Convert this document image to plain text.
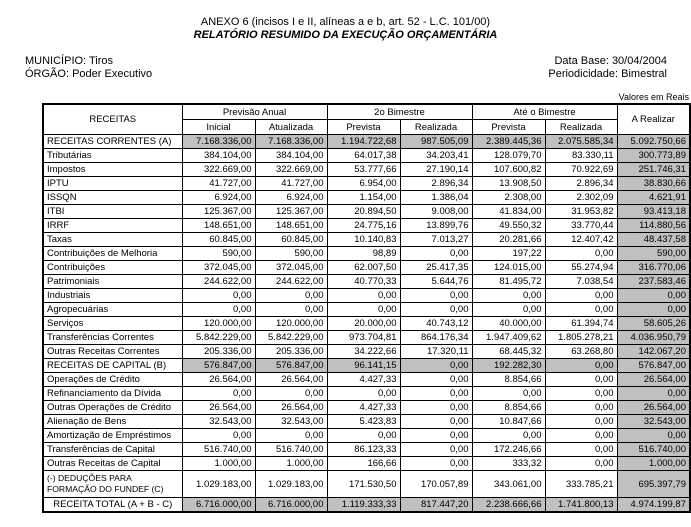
ANEXO 6 (incisos I e II, alíneas a e b, art. 52 - L.C. 101/00)
RELATÓRIO RESUMIDO DA EXECUÇÃO ORÇAMENTÁRIA
MUNICÍPIO: Tiros
ÓRGÃO: Poder Executivo
Data Base: 30/04/2004
Periodicidade: Bimestral
Valores em Reais
RECEITAS	Previsão Anual		2o Bimestre		Até o Bimestre		A Realizar
	Inicial	Atualizada	Prevista	Realizada	Prevista	Realizada	
RECEITAS CORRENTES (A)	7.168.336,00	7.168.336,00	1.194.722,68	987.505,09	2.389.445,36	2.075.585,34	5.092.750,66
Tributárias	384.104,00	384.104,00	64.017,38	34.203,41	128.079,70	83.330,11	300.773,89
Impostos	322.669,00	322.669,00	53.777,66	27.190,14	107.600,82	70.922,69	251.746,31
IPTU	41.727,00	41.727,00	6.954,00	2.896,34	13.908,50	2.896,34	38.830,66
ISSQN	6.924,00	6.924,00	1.154,00	1.386,04	2.308,00	2.302,09	4.621,91
ITBI	125.367,00	125.367,00	20.894,50	9.008,00	41.834,00	31.953,82	93.413,18
IRRF	148.651,00	148.651,00	24.775,16	13.899,76	49.550,32	33.770,44	114.880,56
Taxas	60.845,00	60.845,00	10.140,83	7.013,27	20.281,66	12.407,42	48.437,58
Contribuições de Melhoria	590,00	590,00	98,89	0,00	197,22	0,00	590,00
Contribuições	372.045,00	372.045,00	62.007,50	25.417,35	124.015,00	55.274,94	316.770,06
Patrimoniais	244.622,00	244.622,00	40.770,33	5.644,76	81.495,72	7.038,54	237.583,46
Industriais	0,00	0,00	0,00	0,00	0,00	0,00	0,00
Agropecuárias	0,00	0,00	0,00	0,00	0,00	0,00	0,00
Serviços	120.000,00	120.000,00	20.000,00	40.743,12	40.000,00	61.394,74	58.605,26
Transferências Correntes	5.842.229,00	5.842.229,00	973.704,81	864.176,34	1.947.409,62	1.805.278,21	4.036.950,79
Outras Receitas Correntes	205.336,00	205.336,00	34.222,66	17.320,11	68.445,32	63.268,80	142.067,20
RECEITAS DE CAPITAL (B)	576.847,00	576.847,00	96.141,15	0,00	192.282,30	0,00	576.847,00
Operações de Crédito	26.564,00	26.564,00	4.427,33	0,00	8.854,66	0,00	26.564,00
Refinanciamento da Dívida	0,00	0,00	0,00	0,00	0,00	0,00	0,00
Outras Operações de Crédito	26.564,00	26.564,00	4.427,33	0,00	8.854,66	0,00	26.564,00
Alienação de Bens	32.543,00	32.543,00	5.423,83	0,00	10.847,66	0,00	32.543,00
Amortização de Empréstimos	0,00	0,00	0,00	0,00	0,00	0,00	0,00
Transferências de Capital	516.740,00	516.740,00	86.123,33	0,00	172.246,66	0,00	516.740,00
Outras Receitas de Capital	1.000,00	1.000,00	166,66	0,00	333,32	0,00	1.000,00
(-) DEDUÇÕES PARA FORMAÇÃO DO FUNDEF (C)	1.029.183,00	1.029.183,00	171.530,50	170.057,89	343.061,00	333.785,21	695.397,79
RECEITA TOTAL (A + B - C)	6.716.000,00	6.716.000,00	1.119.333,33	817.447,20	2.238.666,66	1.741.800,13	4.974.199,87
